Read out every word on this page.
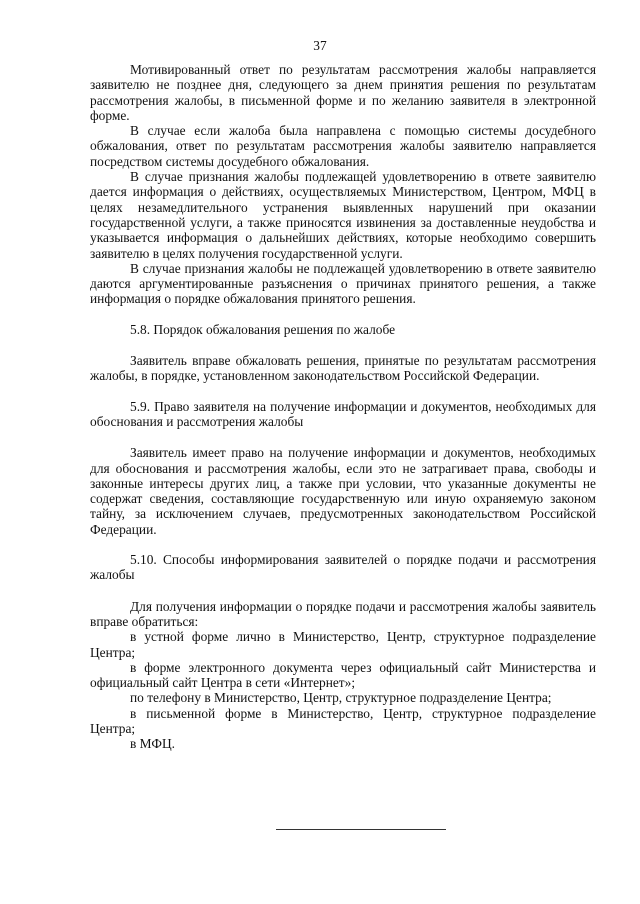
37

Мотивированный ответ по результатам рассмотрения жалобы направляется заявителю не позднее дня, следующего за днем принятия решения по результатам рассмотрения жалобы, в письменной форме и по желанию заявителя в электронной форме.

В случае если жалоба была направлена с помощью системы досудебного обжалования, ответ по результатам рассмотрения жалобы заявителю направляется посредством системы досудебного обжалования.

В случае признания жалобы подлежащей удовлетворению в ответе заявителю дается информация о действиях, осуществляемых Министерством, Центром, МФЦ в целях незамедлительного устранения выявленных нарушений при оказании государственной услуги, а также приносятся извинения за доставленные неудобства и указывается информация о дальнейших действиях, которые необходимо совершить заявителю в целях получения государственной услуги.

В случае признания жалобы не подлежащей удовлетворению в ответе заявителю даются аргументированные разъяснения о причинах принятого решения, а также информация о порядке обжалования принятого решения.

5.8. Порядок обжалования решения по жалобе

Заявитель вправе обжаловать решения, принятые по результатам рассмотрения жалобы, в порядке, установленном законодательством Российской Федерации.

5.9. Право заявителя на получение информации и документов, необходимых для обоснования и рассмотрения жалобы

Заявитель имеет право на получение информации и документов, необходимых для обоснования и рассмотрения жалобы, если это не затрагивает права, свободы и законные интересы других лиц, а также при условии, что указанные документы не содержат сведения, составляющие государственную или иную охраняемую законом тайну, за исключением случаев, предусмотренных законодательством Российской Федерации.

5.10. Способы информирования заявителей о порядке подачи и рассмотрения жалобы

Для получения информации о порядке подачи и рассмотрения жалобы заявитель вправе обратиться:

в устной форме лично в Министерство, Центр, структурное подразделение Центра;

в форме электронного документа через официальный сайт Министерства и официальный сайт Центра в сети «Интернет»;

по телефону в Министерство, Центр, структурное подразделение Центра;

в письменной форме в Министерство, Центр, структурное подразделение Центра;

в МФЦ.
